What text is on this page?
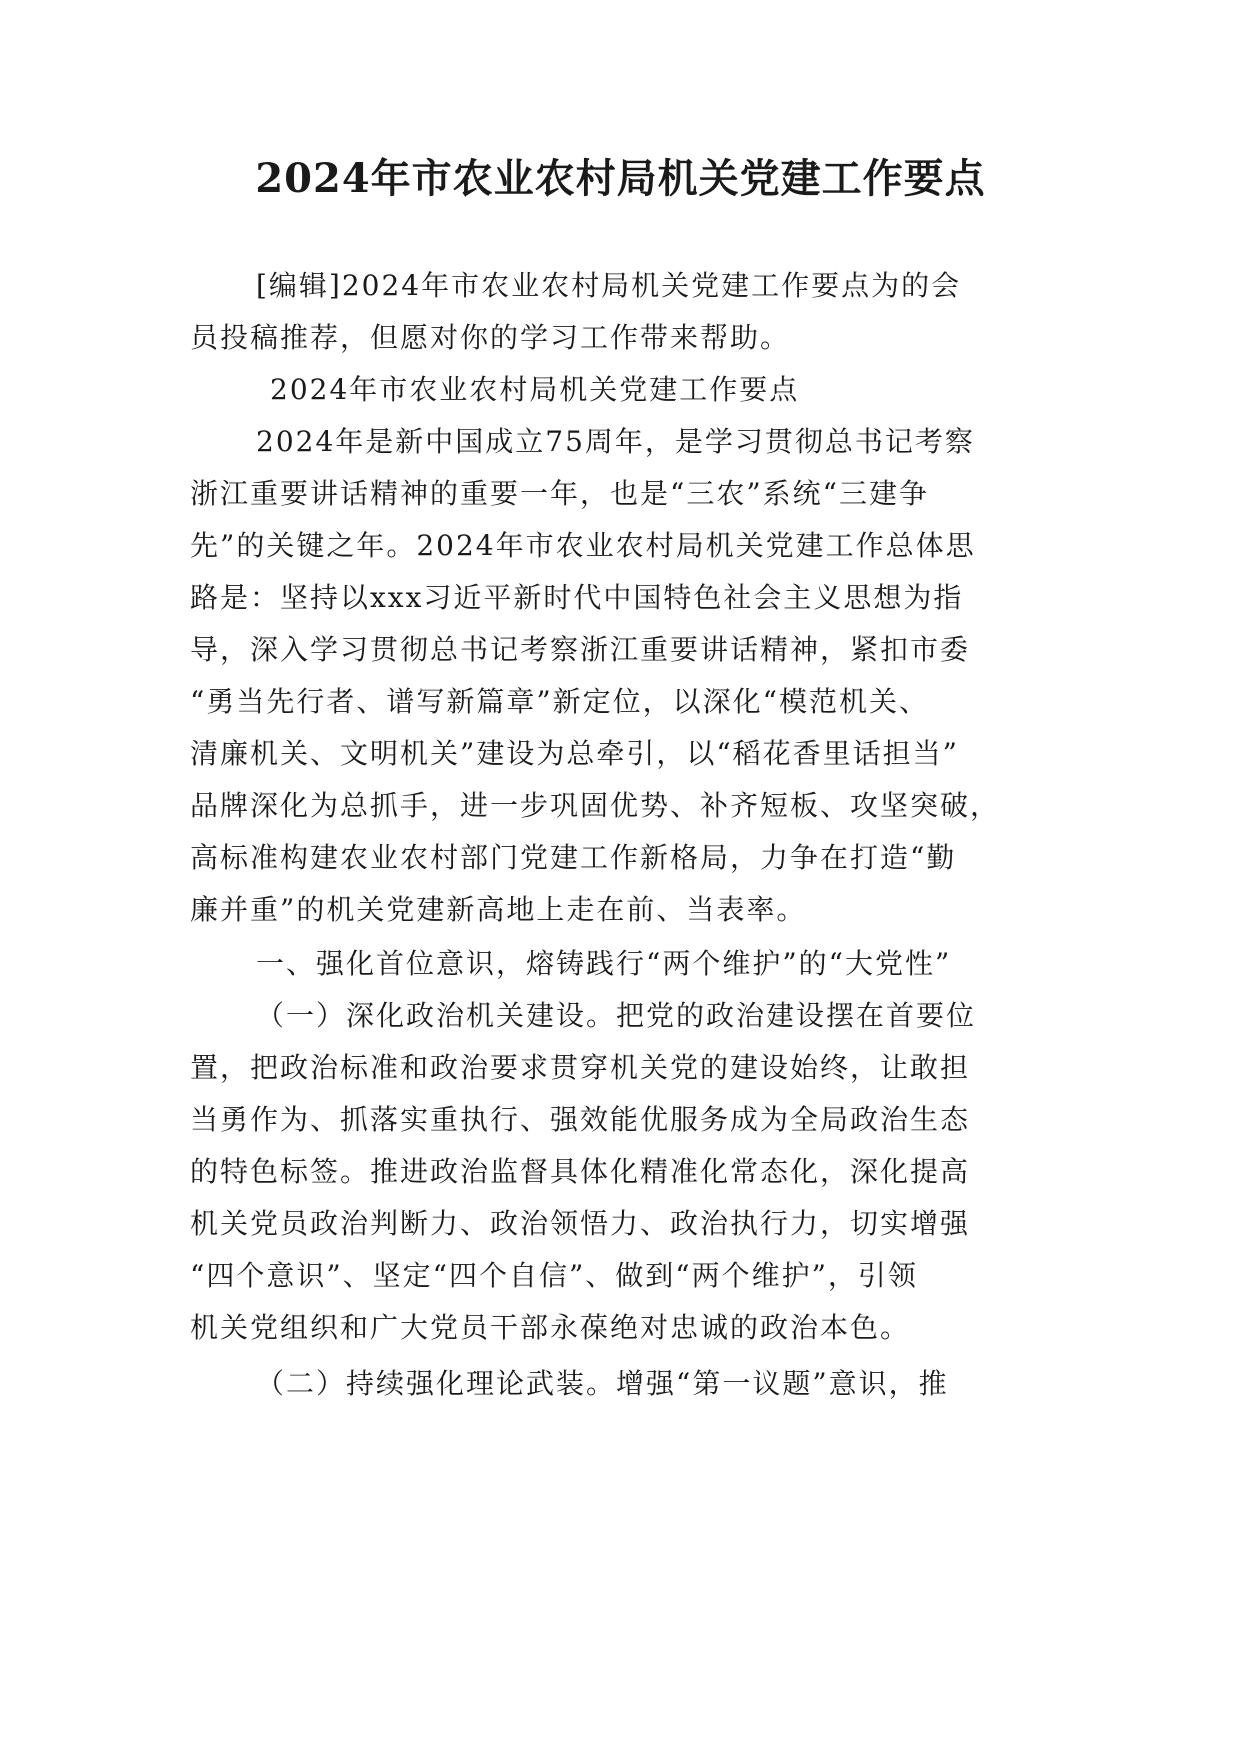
2024年市农业农村局机关党建工作要点

[编辑]2024年市农业农村局机关党建工作要点为的会

员投稿推荐，但愿对你的学习工作带来帮助。

2024年市农业农村局机关党建工作要点

2024年是新中国成立75周年，是学习贯彻总书记考察

浙江重要讲话精神的重要一年，也是“三农”系统“三建争

先”的关键之年。2024年市农业农村局机关党建工作总体思

路是：坚持以xxx习近平新时代中国特色社会主义思想为指

导，深入学习贯彻总书记考察浙江重要讲话精神，紧扣市委

“勇当先行者、谱写新篇章”新定位，以深化“模范机关、

清廉机关、文明机关”建设为总牵引，以“稻花香里话担当”

品牌深化为总抓手，进一步巩固优势、补齐短板、攻坚突破，

高标准构建农业农村部门党建工作新格局，力争在打造“勤

廉并重”的机关党建新高地上走在前、当表率。

一、强化首位意识，熔铸践行“两个维护”的“大党性”

（一）深化政治机关建设。把党的政治建设摆在首要位

置，把政治标准和政治要求贯穿机关党的建设始终，让敢担

当勇作为、抓落实重执行、强效能优服务成为全局政治生态

的特色标签。推进政治监督具体化精准化常态化，深化提高

机关党员政治判断力、政治领悟力、政治执行力，切实增强

“四个意识”、坚定“四个自信”、做到“两个维护”，引领

机关党组织和广大党员干部永葆绝对忠诚的政治本色。

（二）持续强化理论武装。增强“第一议题”意识，推
